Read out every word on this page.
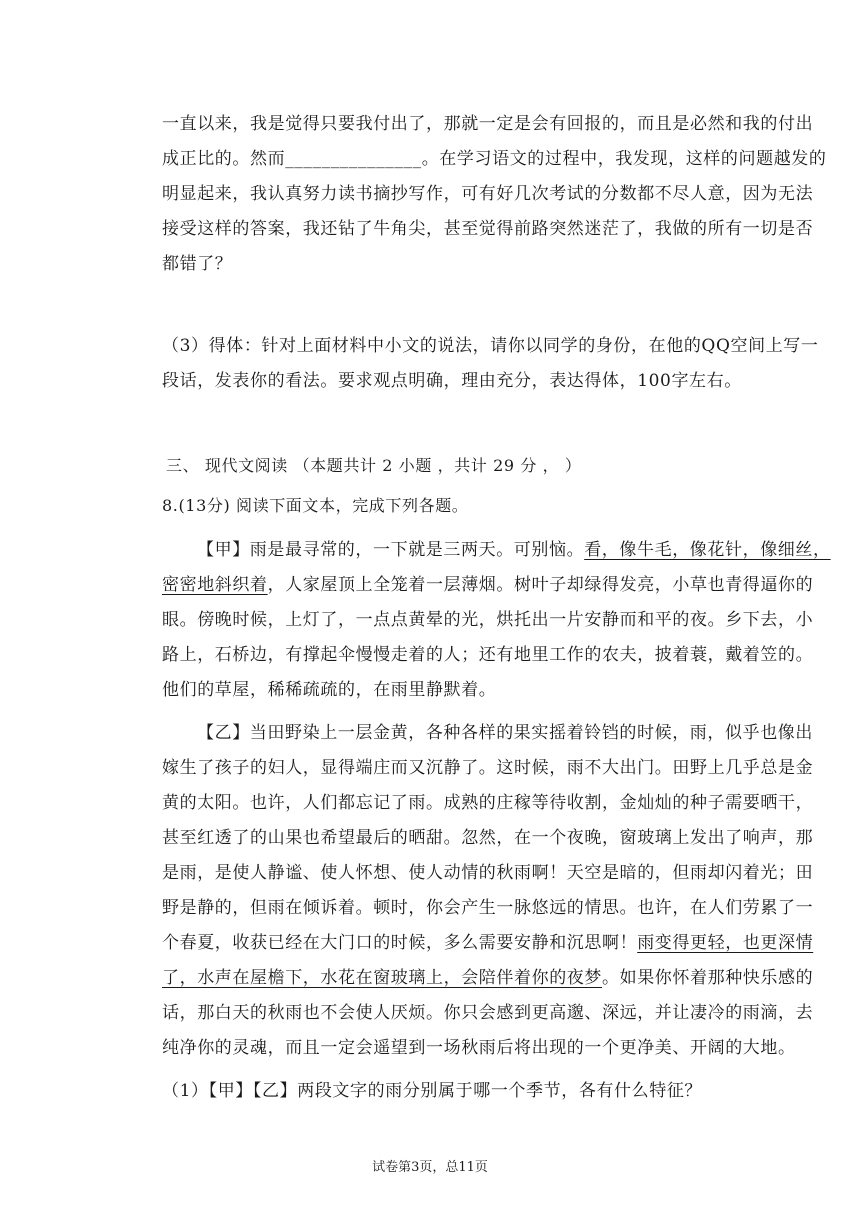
一直以来，我是觉得只要我付出了，那就一定是会有回报的，而且是必然和我的付出
成正比的。然而_______________。在学习语文的过程中，我发现，这样的问题越发的
明显起来，我认真努力读书摘抄写作，可有好几次考试的分数都不尽人意，因为无法
接受这样的答案，我还钻了牛角尖，甚至觉得前路突然迷茫了，我做的所有一切是否
都错了？
（3）得体：针对上面材料中小文的说法，请你以同学的身份，在他的QQ空间上写一
段话，发表你的看法。要求观点明确，理由充分，表达得体，100字左右。
三、 现代文阅读 （本题共计 2 小题 ，共计 29 分 ， ）
8.(13分) 阅读下面文本，完成下列各题。
【甲】雨是最寻常的，一下就是三两天。可别恼。看，像牛毛，像花针，像细丝，
密密地斜织着，人家屋顶上全笼着一层薄烟。树叶子却绿得发亮，小草也青得逼你的
眼。傍晚时候，上灯了，一点点黄晕的光，烘托出一片安静而和平的夜。乡下去，小
路上，石桥边，有撑起伞慢慢走着的人；还有地里工作的农夫，披着蓑，戴着笠的。
他们的草屋，稀稀疏疏的，在雨里静默着。
【乙】当田野染上一层金黄，各种各样的果实摇着铃铛的时候，雨，似乎也像出
嫁生了孩子的妇人，显得端庄而又沉静了。这时候，雨不大出门。田野上几乎总是金
黄的太阳。也许，人们都忘记了雨。成熟的庄稼等待收割，金灿灿的种子需要晒干，
甚至红透了的山果也希望最后的晒甜。忽然，在一个夜晚，窗玻璃上发出了响声，那
是雨，是使人静谧、使人怀想、使人动情的秋雨啊！天空是暗的，但雨却闪着光；田
野是静的，但雨在倾诉着。顿时，你会产生一脉悠远的情思。也许，在人们劳累了一
个春夏，收获已经在大门口的时候，多么需要安静和沉思啊！雨变得更轻，也更深情
了，水声在屋檐下，水花在窗玻璃上，会陪伴着你的夜梦。如果你怀着那种快乐感的
话，那白天的秋雨也不会使人厌烦。你只会感到更高邈、深远，并让凄冷的雨滴，去
纯净你的灵魂，而且一定会遥望到一场秋雨后将出现的一个更净美、开阔的大地。
（1）【甲】【乙】两段文字的雨分别属于哪一个季节，各有什么特征？
试卷第3页，总11页
